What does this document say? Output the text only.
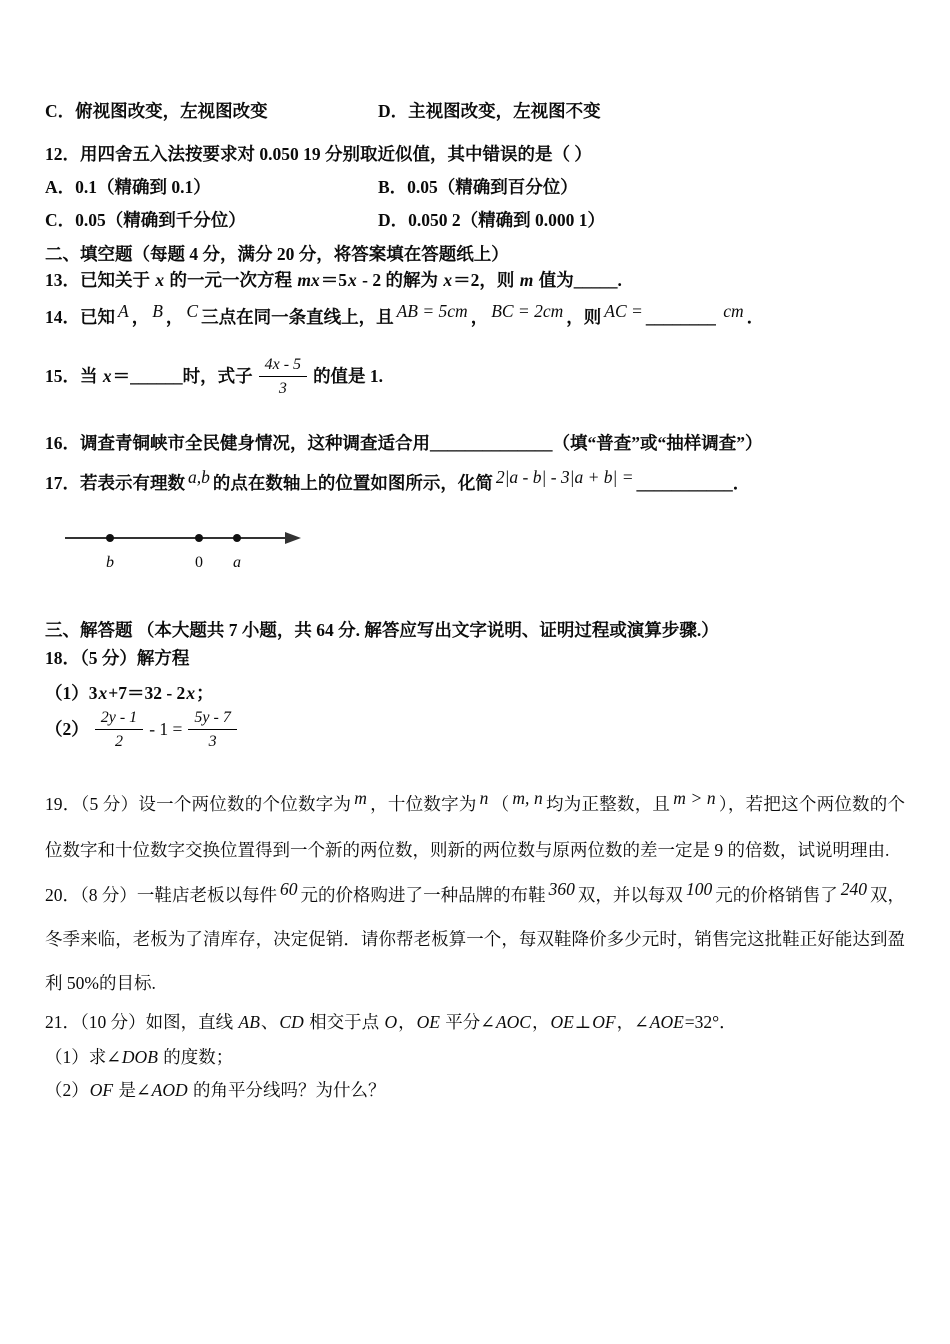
C．俯视图改变，左视图改变	D．主视图改变，左视图不变
12．用四舍五入法按要求对 0.050 19 分别取近似值，其中错误的是（ ）
A．0.1（精确到 0.1）	B．0.05（精确到百分位）
C．0.05（精确到千分位）	D．0.050 2（精确到 0.000 1）
二、填空题（每题 4 分，满分 20 分，将答案填在答题纸上）
13．已知关于 x 的一元一次方程 mx＝5x - 2 的解为 x＝2，则 m 值为_____.
14．已知 A ， B ， C 三点在同一条直线上，且 AB = 5cm ， BC = 2cm ，则 AC = ________ cm ．
15．当 x＝______时，式子 $\frac{4x - 5}{3}$ 的值是 1.
16．调查青铜峡市全民健身情况，这种调查适合用______________（填“普查”或“抽样调查”）
17．若表示有理数 a,b 的点在数轴上的位置如图所示，化简 2|a - b| - 3|a + b| = ___________．
b	0 a
三、解答题 （本大题共 7 小题，共 64 分. 解答应写出文字说明、证明过程或演算步骤.）
18．（5 分）解方程
（1）3x+7＝32 - 2x；
$(2) \frac{2y - 1}{2} - 1 = \frac{5y - 7}{3}$
19．（5 分）设一个两位数的个位数字为 m ，十位数字为 n （ m, n 均为正整数，且 m > n ），若把这个两位数的个位数字和十位数字交换位置得到一个新的两位数，则新的两位数与原两位数的差一定是 9 的倍数，试说明理由.
20．（8 分）一鞋店老板以每件 60 元的价格购进了一种品牌的布鞋 360 双，并以每双 100 元的价格销售了 240 双，冬季来临，老板为了清库存，决定促销．请你帮老板算一个，每双鞋降价多少元时，销售完这批鞋正好能达到盈利 50%的目标.
21．（10 分）如图，直线 AB、CD 相交于点 O，OE 平分∠AOC，OE⊥OF，∠AOE=32°．
（1）求∠DOB 的度数；
（2）OF 是∠AOD 的角平分线吗？为什么？
